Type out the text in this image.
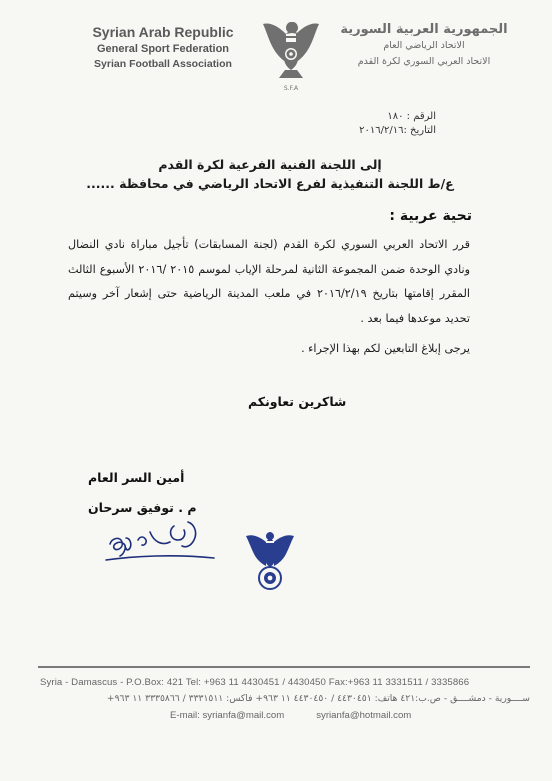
Syrian Arab Republic
General Sport Federation
Syrian Football Association
S.F.A
الجمهورية العربية السورية
الاتحاد الرياضي العام
الاتحاد العربي السوري لكرة القدم
الرقم : ١٨٠
التاريخ :٢٠١٦/٢/١٦
إلى اللجنة الفنية الفرعية لكرة القدم
ع/ط اللجنة التنفيذية لفرع الاتحاد الرياضي في محافظة ......
تحية عربية :

قرر الاتحاد العربي السوري لكرة القدم (لجنة المسابقات) تأجيل مباراة نادي النضال ونادي الوحدة ضمن المجموعة الثانية لمرحلة الإياب لموسم ٢٠١٥ /٢٠١٦ الأسبوع الثالث المقرر إقامتها بتاريخ ٢٠١٦/٢/١٩ في ملعب المدينة الرياضية حتى إشعار آخر وسيتم تحديد موعدها فيما بعد .

يرجى إبلاغ التابعين لكم بهذا الإجراء .
شاكرين تعاونكم
أمين السر العام
م . توفيق سرحان
Syria - Damascus - P.O.Box: 421 Tel: +963 11 4430451 / 4430450 Fax:+963 11 3331511 / 3335866
ســــورية - دمشــــق - ص.ب:٤٢١ هاتف: ٤٤٣٠٤٥١ / ٤٤٣٠٤٥٠ ١١ ٩٦٣+ فاكس: ٣٣٣١٥١١ / ٣٣٣٥٨٦٦ ١١ ٩٦٣+
E-mail: syrianfa@mail.com	syrianfa@hotmail.com
